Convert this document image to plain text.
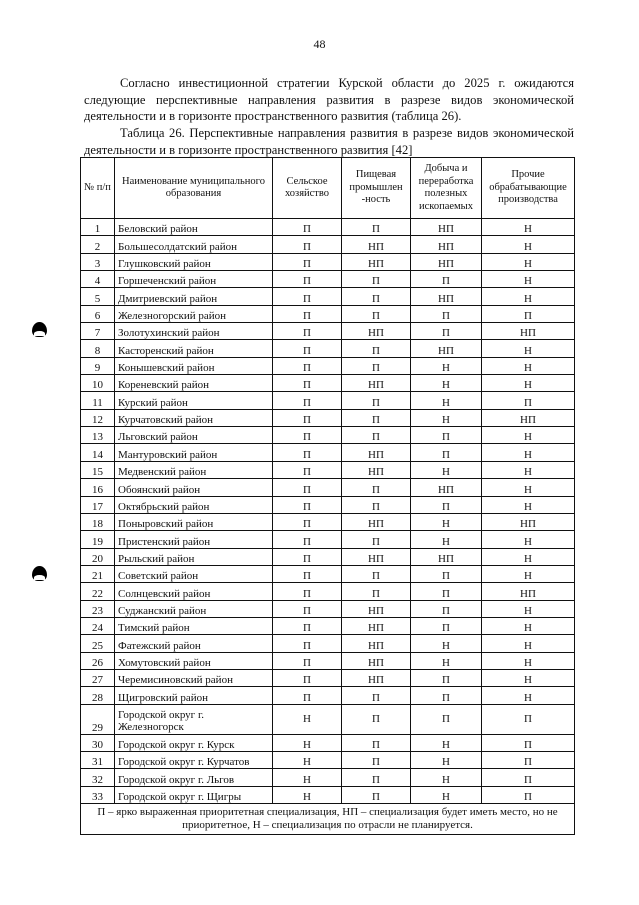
48

Согласно инвестиционной стратегии Курской области до 2025 г. ожидаются следующие перспективные направления развития в разрезе видов экономической деятельности и в горизонте пространственного развития (таблица 26).

Таблица 26. Перспективные направления развития в разрезе видов экономической деятельности и в горизонте пространственного развития [42]

№ п/п	Наименование муниципального образования	Сельское хозяйство	Пищевая промышлен -ность	Добыча и переработка полезных ископаемых	Прочие обрабатывающие производства
1	Беловский район	П	П	НП	Н
2	Большесолдатский район	П	НП	НП	Н
3	Глушковский район	П	НП	НП	Н
4	Горшеченский район	П	П	П	Н
5	Дмитриевский район	П	П	НП	Н
6	Железногорский район	П	П	П	П
7	Золотухинский район	П	НП	П	НП
8	Касторенский район	П	П	НП	Н
9	Конышевский район	П	П	Н	Н
10	Кореневский район	П	НП	Н	Н
11	Курский район	П	П	Н	П
12	Курчатовский район	П	П	Н	НП
13	Льговский район	П	П	П	Н
14	Мантуровский район	П	НП	П	Н
15	Медвенский район	П	НП	Н	Н
16	Обоянский район	П	П	НП	Н
17	Октябрьский район	П	П	П	Н
18	Поныровский район	П	НП	Н	НП
19	Пристенский район	П	П	Н	Н
20	Рыльский район	П	НП	НП	Н
21	Советский район	П	П	П	Н
22	Солнцевский район	П	П	П	НП
23	Суджанский район	П	НП	П	Н
24	Тимский район	П	НП	П	Н
25	Фатежский район	П	НП	Н	Н
26	Хомутовский район	П	НП	Н	Н
27	Черемисиновский район	П	НП	П	Н
28	Щигровский район	П	П	П	Н
29	Городской округ г. Железногорск	Н	П	П	П
30	Городской округ г. Курск	Н	П	Н	П
31	Городской округ г. Курчатов	Н	П	Н	П
32	Городской округ г. Льгов	Н	П	Н	П
33	Городской округ г. Щигры	Н	П	Н	П
П – ярко выраженная приоритетная специализация, НП – специализация будет иметь место, но не приоритетное, Н – специализация по отрасли не планируется.					
